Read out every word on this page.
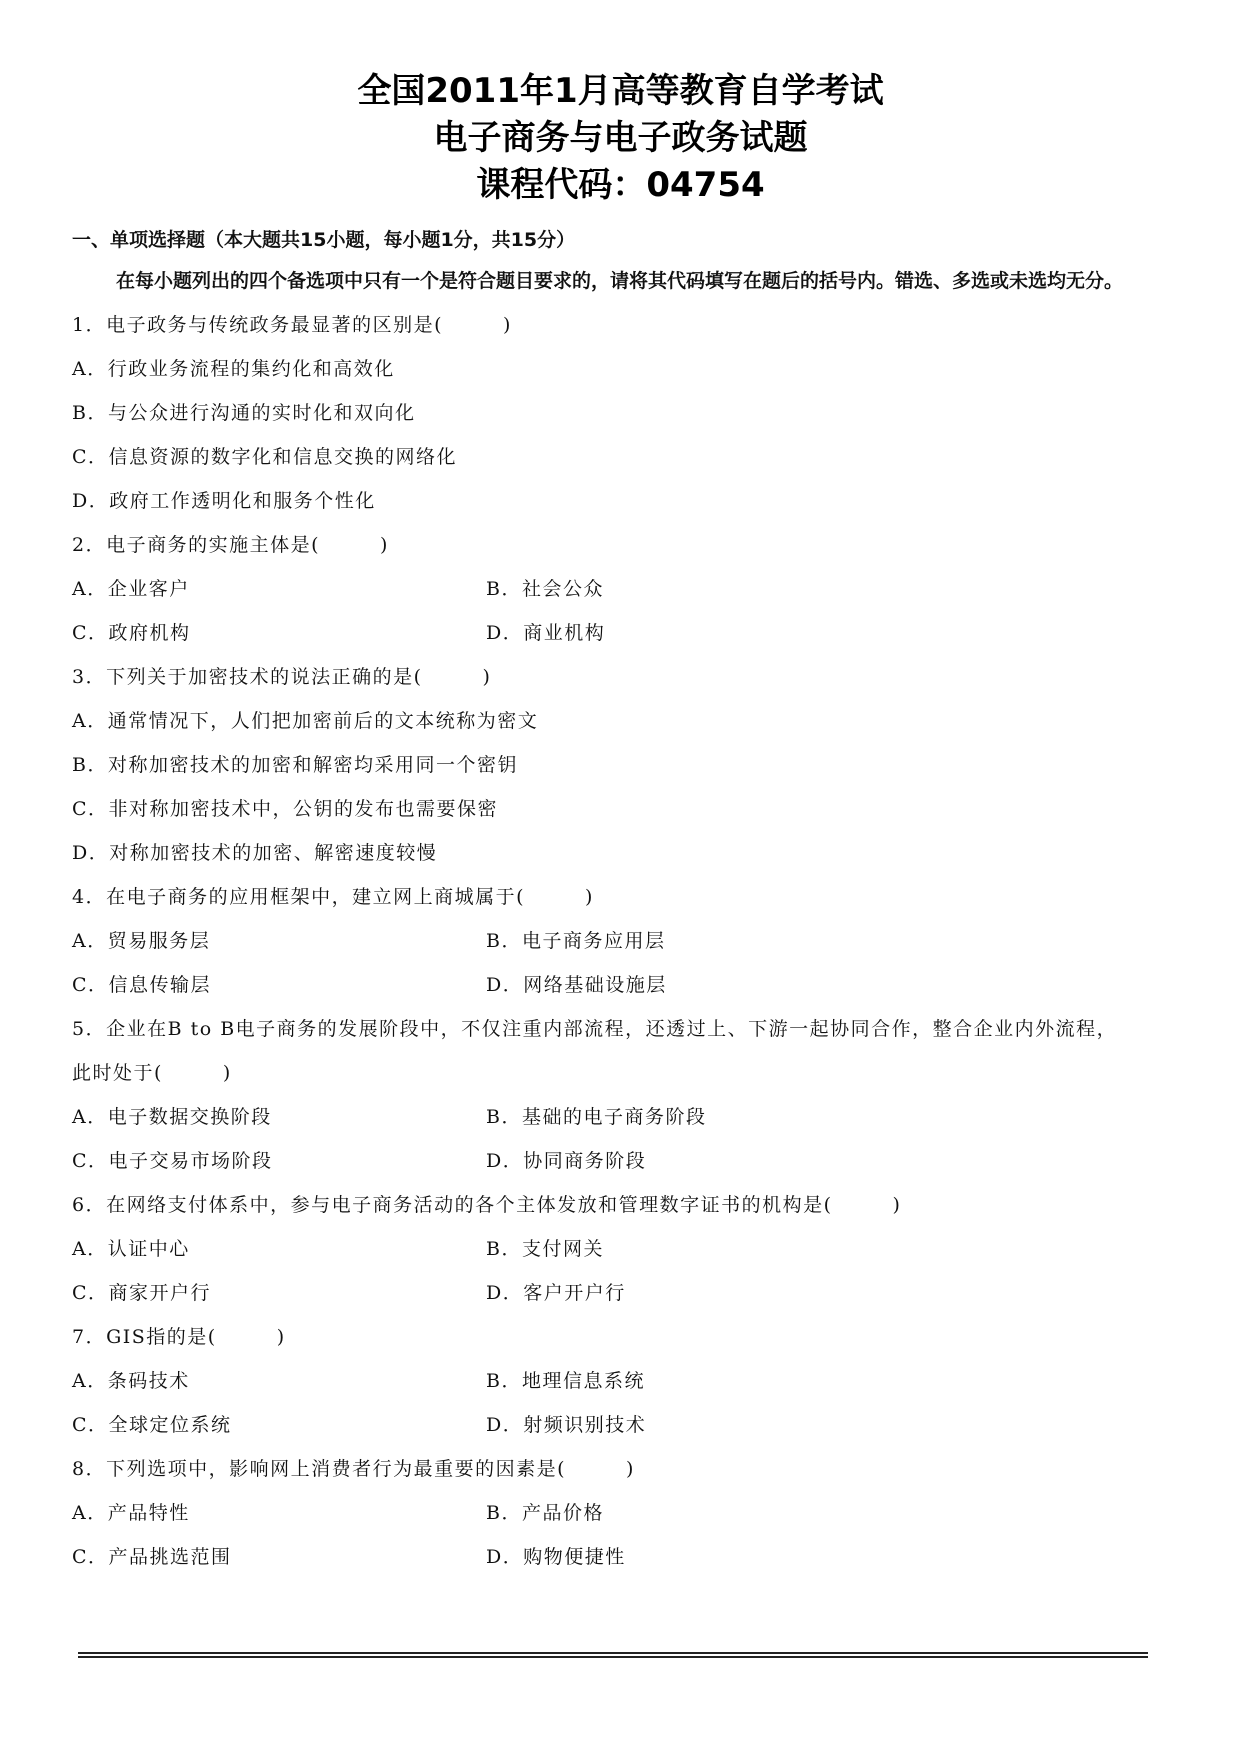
全国2011年1月高等教育自学考试
电子商务与电子政务试题
课程代码：04754
一、单项选择题（本大题共15小题，每小题1分，共15分）
在每小题列出的四个备选项中只有一个是符合题目要求的，请将其代码填写在题后的括号内。错选、多选或未选均无分。
1．电子政务与传统政务最显著的区别是(	)
A．行政业务流程的集约化和高效化
B．与公众进行沟通的实时化和双向化
C．信息资源的数字化和信息交换的网络化
D．政府工作透明化和服务个性化
2．电子商务的实施主体是(	)
A．企业客户	B．社会公众
C．政府机构	D．商业机构
3．下列关于加密技术的说法正确的是(	)
A．通常情况下，人们把加密前后的文本统称为密文
B．对称加密技术的加密和解密均采用同一个密钥
C．非对称加密技术中，公钥的发布也需要保密
D．对称加密技术的加密、解密速度较慢
4．在电子商务的应用框架中，建立网上商城属于(	)
A．贸易服务层	B．电子商务应用层
C．信息传输层	D．网络基础设施层
5．企业在B to B电子商务的发展阶段中，不仅注重内部流程，还透过上、下游一起协同合作，整合企业内外流程，
此时处于(	)
A．电子数据交换阶段	B．基础的电子商务阶段
C．电子交易市场阶段	D．协同商务阶段
6．在网络支付体系中，参与电子商务活动的各个主体发放和管理数字证书的机构是(	)
A．认证中心	B．支付网关
C．商家开户行	D．客户开户行
7．GIS指的是(	)
A．条码技术	B．地理信息系统
C．全球定位系统	D．射频识别技术
8．下列选项中，影响网上消费者行为最重要的因素是(	)
A．产品特性	B．产品价格
C．产品挑选范围	D．购物便捷性
